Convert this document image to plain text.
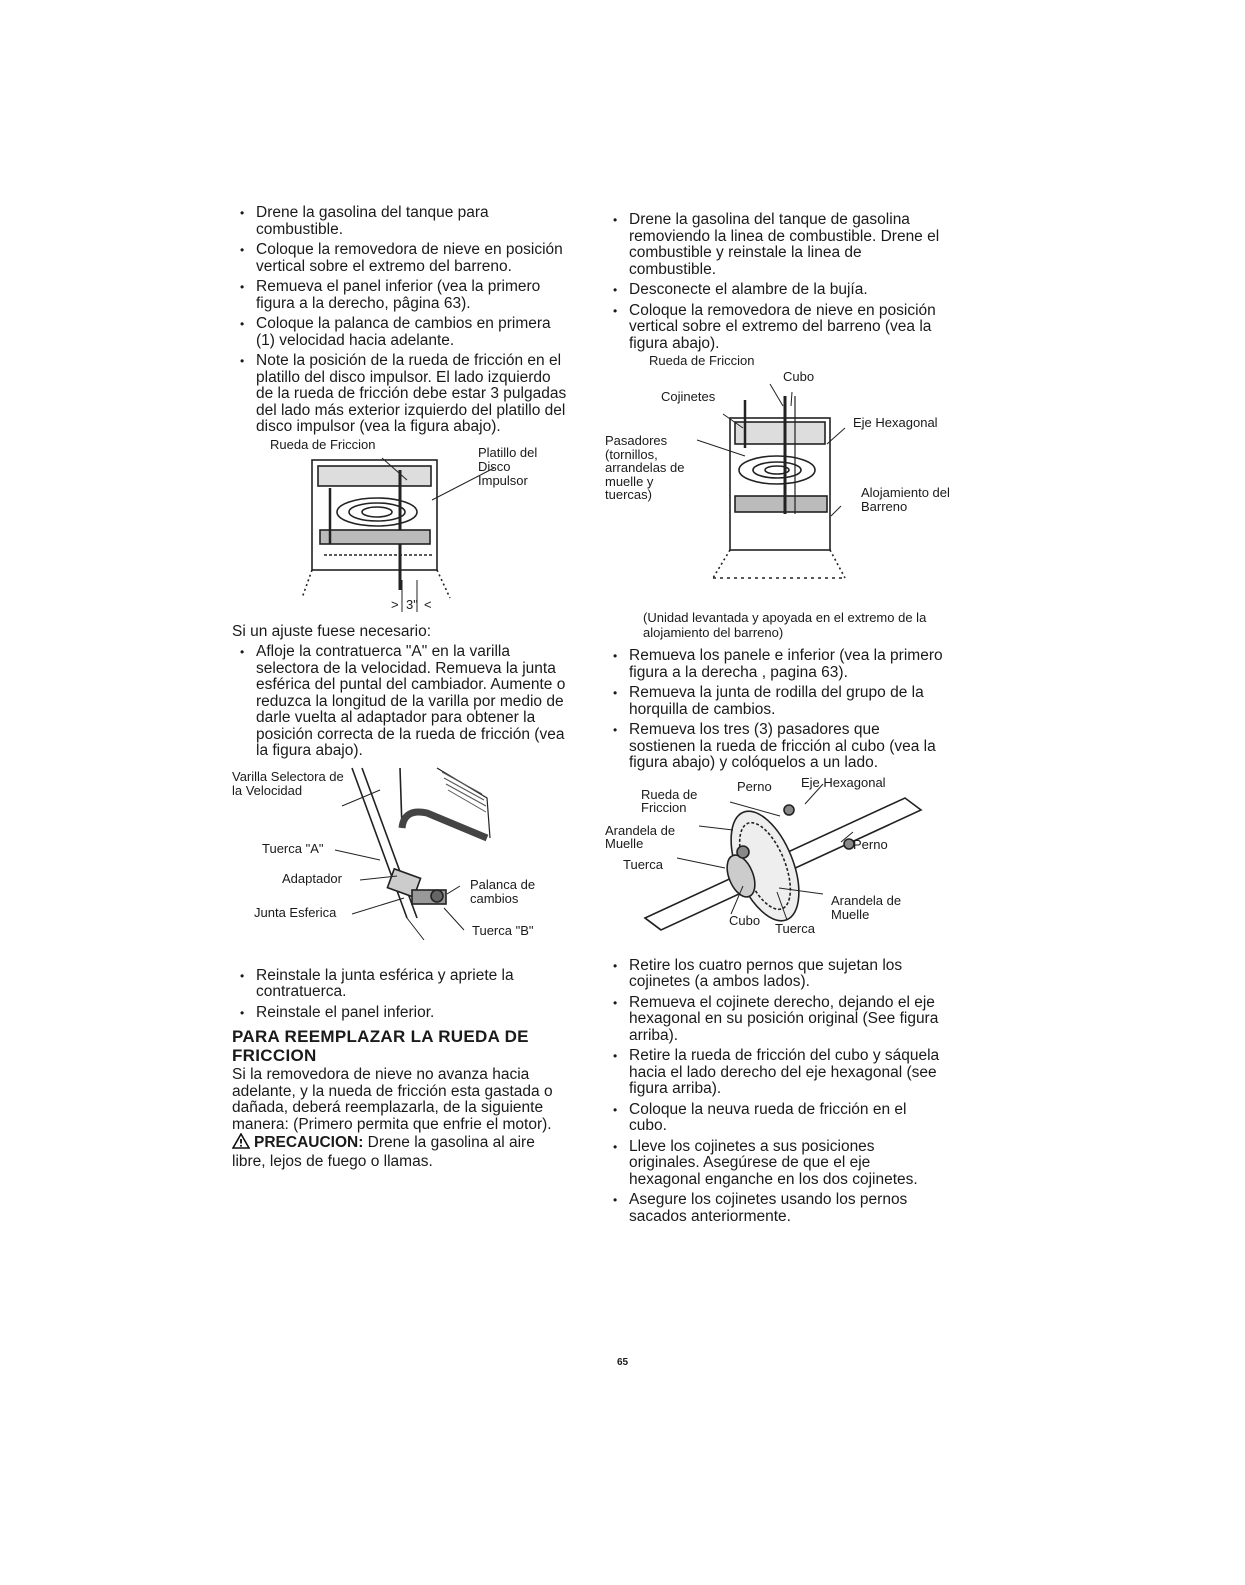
• Drene la gasolina del tanque para combustible.
• Coloque la removedora de nieve en posición vertical sobre el extremo del barreno.
• Remueva el panel inferior (vea la primero figura a la derecho, pâgina 63).
• Coloque la palanca de cambios en primera (1) velocidad hacia adelante.
• Note la posición de la rueda de fricción en el platillo del disco impulsor. El lado izquierdo de la rueda de fricción debe estar 3 pulgadas del lado más exterior izquierdo del platillo del disco impulsor (vea la figura abajo).
Rueda de Friccion
Platillo del Disco Impulsor
> 3" <

Si un ajuste fuese necesario:

• Afloje la contratuerca "A" en la varilla selectora de la velocidad. Remueva la junta esférica del puntal del cambiador. Aumente o reduzca la longitud de la varilla por medio de darle vuelta al adaptador para obtener la posición correcta de la rueda de fricción (vea la figura abajo).
Varilla Selectora de la Velocidad
Tuerca "A"
Adaptador
Junta Esferica
Palanca de cambios
Tuerca "B"
• Reinstale la junta esférica y apriete la contratuerca.
• Reinstale el panel inferior.
PARA REEMPLAZAR LA RUEDA DE FRICCION

Si la removedora de nieve no avanza hacia adelante, y la nueda de fricción esta gastada o dañada, deberá reemplazarla, de la siguiente manera: (Primero permita que enfrie el motor).

PRECAUCION: Drene la gasolina al aire libre, lejos de fuego o llamas.

• Drene la gasolina del tanque de gasolina removiendo la linea de combustible. Drene el combustible y reinstale la linea de combustible.
• Desconecte el alambre de la bujía.
• Coloque la removedora de nieve en posición vertical sobre el extremo del barreno (vea la figura abajo).
Rueda de Friccion
Cubo
Cojinetes
Eje Hexagonal
Pasadores (tornillos, arrandelas de muelle y tuercas)	Alojamiento del Barreno
(Unidad levantada y apoyada en el extremo de la alojamiento del barreno)
• Remueva los panele e inferior (vea la primero figura a la derecha , pagina 63).
• Remueva la junta de rodilla del grupo de la horquilla de cambios.
• Remueva los tres (3) pasadores que sostienen la rueda de fricción al cubo (vea la figura abajo) y colóquelos a un lado.
Rueda de Friccion
Perno Eje Hexagonal
Arandela de Muelle	Perno
Tuerca
Arandela de Muelle
Cubo
Tuerca
• Retire los cuatro pernos que sujetan los cojinetes (a ambos lados).
• Remueva el cojinete derecho, dejando el eje hexagonal en su posición original (See figura arriba).
• Retire la rueda de fricción del cubo y sáquela hacia el lado derecho del eje hexagonal (see figura arriba).
• Coloque la neuva rueda de fricción en el cubo.
• Lleve los cojinetes a sus posiciones originales. Asegúrese de que el eje hexagonal enganche en los dos cojinetes.
• Asegure los cojinetes usando los pernos sacados anteriormente.
65
